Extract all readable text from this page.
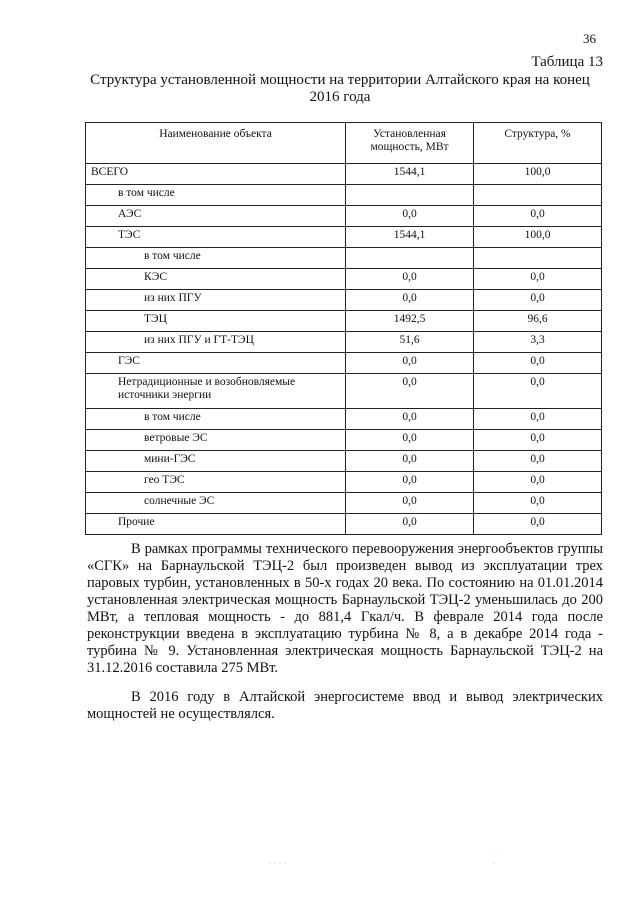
36
Таблица 13
Структура установленной мощности на территории Алтайского края на конец 2016 года
Наименование объекта	Установленная мощность, МВт	Структура, %
ВСЕГО	1544,1	100,0
в том числе		
АЭС	0,0	0,0
ТЭС	1544,1	100,0
в том числе		
КЭС	0,0	0,0
из них ПГУ	0,0	0,0
ТЭЦ	1492,5	96,6
из них ПГУ и ГТ-ТЭЦ	51,6	3,3
ГЭС	0,0	0,0
Нетрадиционные и возобновляемые источники энергии	0,0	0,0
в том числе	0,0	0,0
ветровые ЭС	0,0	0,0
мини-ГЭС	0,0	0,0
гео ТЭС	0,0	0,0
солнечные ЭС	0,0	0,0
Прочие	0,0	0,0

В рамках программы технического перевооружения энергообъектов группы «СГК» на Барнаульской ТЭЦ-2 был произведен вывод из эксплуатации трех паровых турбин, установленных в 50-х годах 20 века. По состоянию на 01.01.2014 установленная электрическая мощность Барнаульской ТЭЦ-2 уменьшилась до 200 МВт, а тепловая мощность - до 881,4 Гкал/ч. В феврале 2014 года после реконструкции введена в эксплуатацию турбина № 8, а в декабре 2014 года - турбина № 9. Установленная электрическая мощность Барнаульской ТЭЦ-2 на 31.12.2016 составила 275 МВт.

В 2016 году в Алтайской энергосистеме ввод и вывод электрических мощностей не осуществлялся.

· · · ·
· ·
·
